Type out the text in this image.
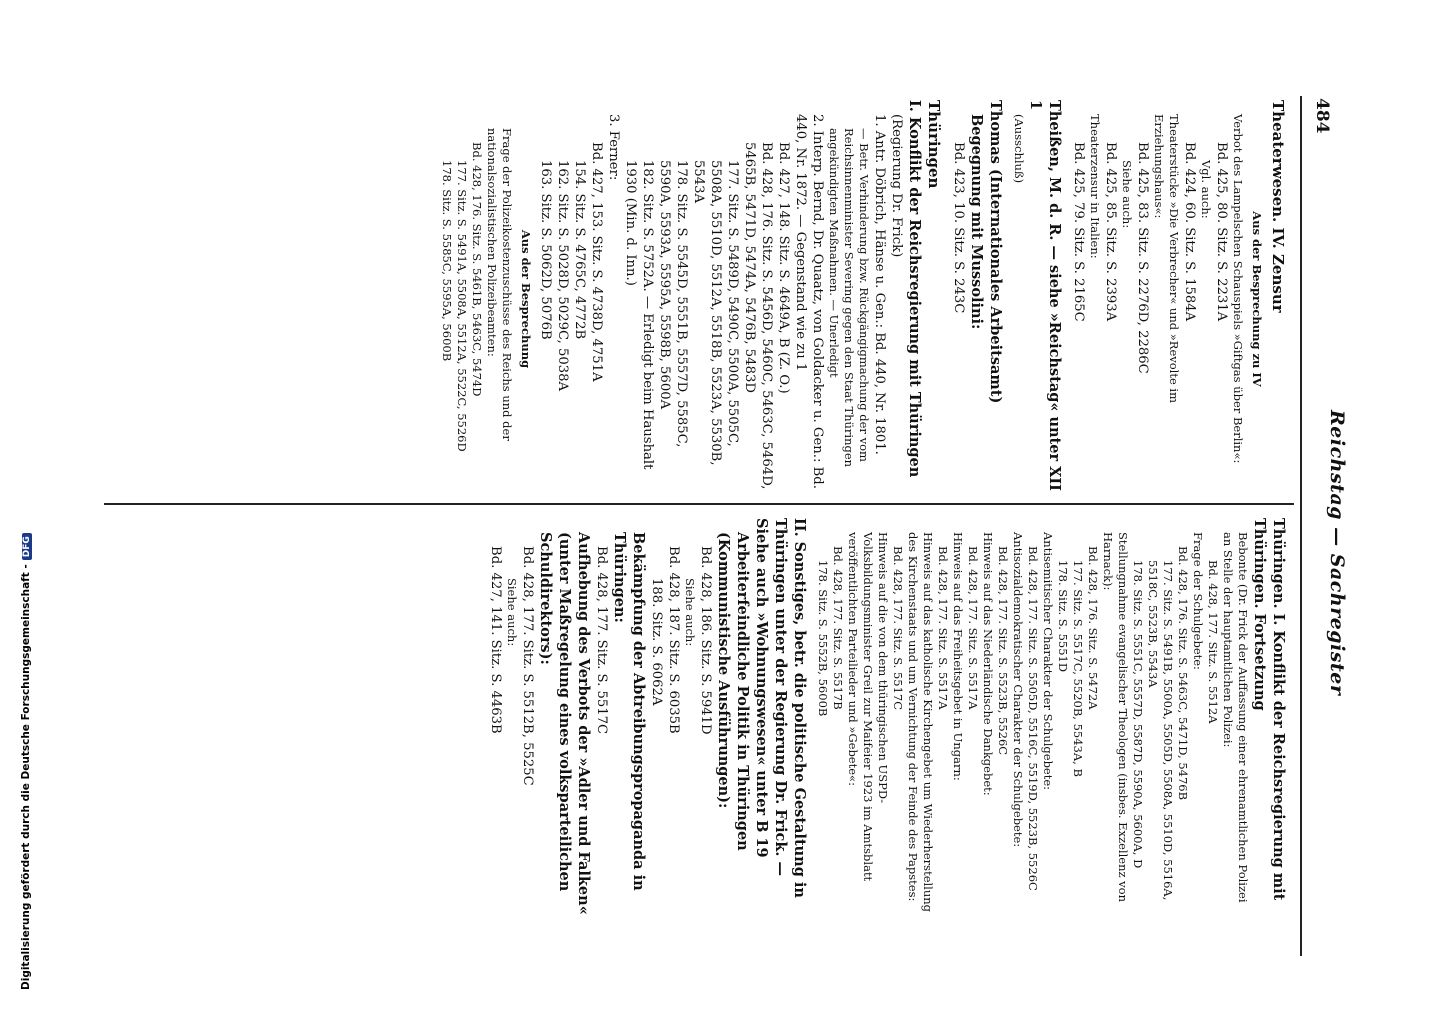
484
Reichstag — Sachregister

Theaterwesen. IV. Zensur

Aus der Besprechung zu IV

Verbot des Lampelschen Schauspiels »Giftgas über Berlin«:

Bd. 425, 80. Sitz. S. 2231A

Vgl. auch:

Bd. 424, 60. Sitz. S. 1584A

Theaterstücke »Die Verbrecher« und »Revolte im Erziehungshaus«:

Bd. 425, 83. Sitz. S. 2276D, 2286C

Siehe auch:

Bd. 425, 85. Sitz. S. 2393A

Theaterzensur in Italien:

Bd. 425, 79. Sitz. S. 2165C

Theißen, M. d. R. — siehe »Reichstag« unter XII 1

(Ausschluß)

Thomas (Internationales Arbeitsamt)

Begegnung mit Mussolini:

Bd. 423, 10. Sitz. S. 243C

Thüringen

I. Konflikt der Reichsregierung mit Thüringen

(Regierung Dr. Frick)

1. Antr. Döbrich, Hänse u. Gen.: Bd. 440, Nr. 1801.

— Betr. Verhinderung bzw. Rückgängigmachung der vom Reichsinnenminister Severing gegen den Staat Thüringen angekündigten Maßnahmen. — Unerledigt

2. Interp. Bernd, Dr. Quaatz, von Goldacker u. Gen.: Bd. 440, Nr. 1872. — Gegenstand wie zu 1

Bd. 427, 148. Sitz. S. 4649A, B (Z. O.)

Bd. 428, 176. Sitz. S. 5456D, 5460C, 5463C, 5464D, 5465B, 5471D, 5474A, 5476B, 5483D

177. Sitz. S. 5489D, 5490C, 5500A, 5505C, 5508A, 5510D, 5512A, 5518B, 5523A, 5530B, 5543A

178. Sitz. S. 5545D, 5551B, 5557D, 5585C, 5590A, 5593A, 5595A, 5598B, 5600A

182. Sitz. S. 5752A. — Erledigt beim Haushalt 1930 (Min. d. Inn.)

3. Ferner:

Bd. 427, 153. Sitz. S. 4738D, 4751A

154. Sitz. S. 4765C, 4772B

162. Sitz. S. 5028D, 5029C, 5038A

163. Sitz. S. 5062D, 5076B

Aus der Besprechung

Frage der Polizeikostenzuschüsse des Reichs und der nationalsozialistischen Polizeibeamten:

Bd. 428, 176. Sitz. S. 5461B, 5463C, 5474D

177. Sitz. S. 5491A, 5508A, 5512A, 5522C, 5526D

178. Sitz. S. 5585C, 5595A, 5600B

Thüringen. I. Konflikt der Reichsregierung mit Thüringen. Fortsetzung

Bebonte (Dr. Frick der Auffassung einer ehrenamtlichen Polizei an Stelle der hauptamtlichen Polizei:

Bd. 428, 177. Sitz. S. 5512A

Frage der Schulgebete:

Bd. 428, 176. Sitz. S. 5463C, 5471D, 5476B

177. Sitz. S. 5491B, 5500A, 5505D, 5508A, 5510D, 5516A, 5518C, 5523B, 5543A

178. Sitz. S. 5551C, 5557D, 5587D, 5590A, 5600A, D

Stellungnahme evangelischer Theologen (insbes. Exzellenz von Harnack):

Bd. 428, 176. Sitz. S. 5472A

177. Sitz. S. 5517C, 5520B, 5543A, B

178. Sitz. S. 5551D

Antisemitischer Charakter der Schulgebete:

Bd. 428, 177. Sitz. S. 5505D, 5516C, 5519D, 5523B, 5526C

Antisozialdemokratischer Charakter der Schulgebete:

Bd. 428, 177. Sitz. S. 5523B, 5526C

Hinweis auf das Niederländische Dankgebet:

Bd. 428, 177. Sitz. S. 5517A

Hinweis auf das Freiheitsgebet in Ungarn:

Bd. 428, 177. Sitz. S. 5517A

Hinweis auf das katholische Kirchengebet um Wiederherstellung des Kirchenstaats und um Vernichtung der Feinde des Papstes:

Bd. 428, 177. Sitz. S. 5517C

Hinweis auf die von dem thüringischen USPD-Volksbildungsminister Greil zur Maifeier 1923 im Amtsblatt veröffentlichten Parteilieder und »Gebete«:

Bd. 428, 177. Sitz. S. 5517B

178. Sitz. S. 5552B, 5600B

II. Sonstiges, betr. die politische Gestaltung in Thüringen unter der Regierung Dr. Frick. — Siehe auch »Wohnungswesen« unter B 19

Arbeiterfeindliche Politik in Thüringen (Kommunistische Ausführungen):

Bd. 428, 186. Sitz. S. 5941D

Siehe auch:

Bd. 428, 187. Sitz. S. 6035B

188. Sitz. S. 6062A

Bekämpfung der Abtreibungspropaganda in Thüringen:

Bd. 428, 177. Sitz. S. 5517C

Aufhebung des Verbots der »Adler und Falken« (unter Maßregelung eines volksparteilichen Schuldirektors):

Bd. 428, 177. Sitz. S. 5512B, 5525C

Siehe auch:

Bd. 427, 141. Sitz. S. 4463B

Digitalisierung gefördert durch die Deutsche Forschungsgemeinschaft -DFG
